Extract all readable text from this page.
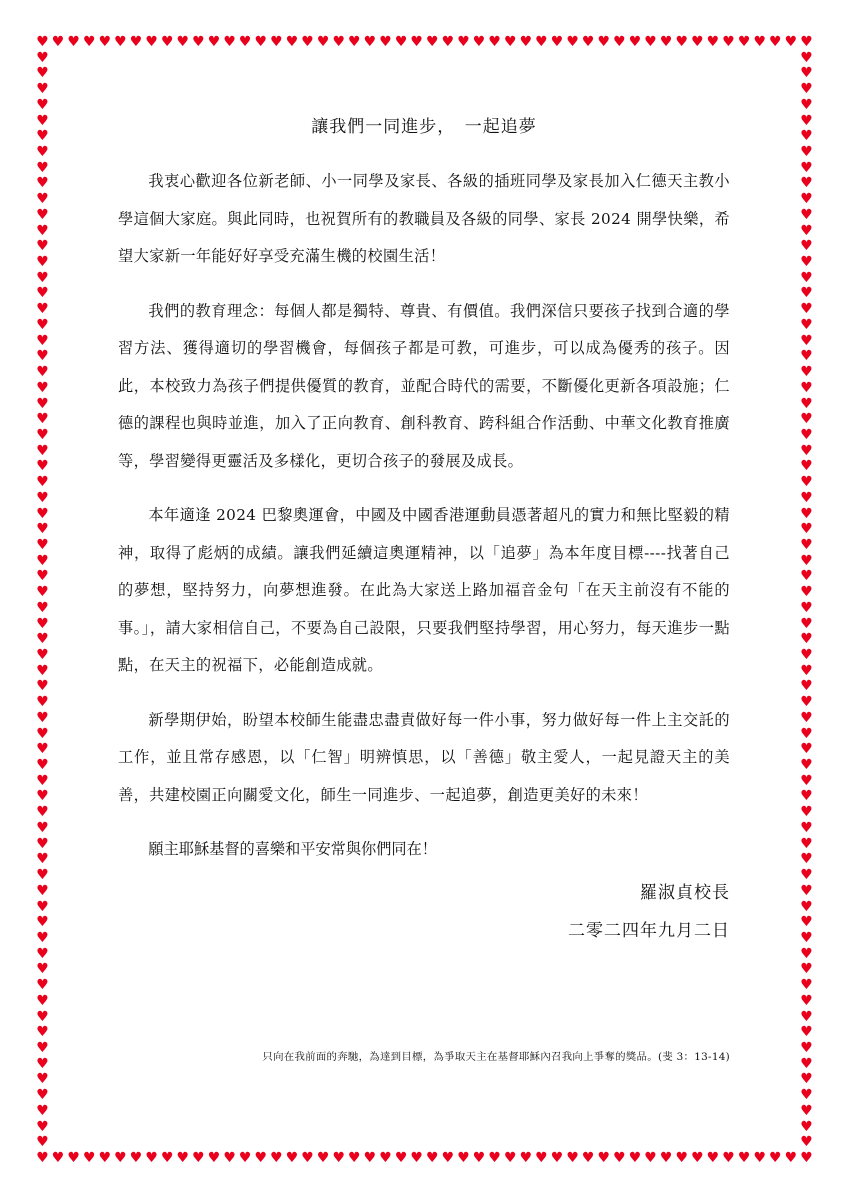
♥
♥
♥
♥
♥
♥
♥
♥
♥
♥
♥
♥
♥
♥
♥
♥
♥
♥
♥
♥
♥
♥
♥
♥
♥
♥
♥
♥
♥
♥
♥
♥
♥
♥
♥
♥
♥
♥
♥
♥
♥
♥
♥
♥
♥
♥
♥
♥
♥
♥
♥
♥
♥
♥
♥
♥
♥
♥
♥
♥
♥
♥
♥
♥
♥
♥
♥
♥
♥
♥
♥
♥
♥
♥
♥
♥
♥
♥
♥
♥
♥
♥
♥
♥
♥
♥
♥
♥
♥
♥
♥
♥
♥
♥
♥
♥
♥
♥
♥
♥
♥	♥
♥	♥
♥	♥
♥	♥
♥	♥
♥	♥
♥	♥
♥	♥
♥	♥
♥	♥
♥	♥
♥	♥
♥	♥
♥	♥
♥	♥
♥	♥
♥	♥
♥	♥
♥	♥
♥	♥
♥	♥
♥	♥
♥	♥
♥	♥
♥	♥
♥	♥
♥	♥
♥	♥
♥	♥
♥	♥
♥	♥
♥	♥
♥	♥
♥	♥
♥	♥
♥	♥
♥	♥
♥	♥
♥	♥
♥	♥
♥	♥
♥	♥
♥	♥
♥	♥
♥	♥
♥	♥
♥	♥
♥	♥
♥	♥
♥	♥
♥	♥
♥	♥
♥	♥
♥	♥
♥	♥
♥	♥
♥	♥
♥	♥
♥	♥
♥	♥
♥	♥
♥	♥
♥	♥
♥	♥
♥	♥
♥	♥
♥	♥
♥	♥
♥	♥
♥	♥

讓我們一同進步，　一起追夢

我衷心歡迎各位新老師、小一同學及家長、各級的插班同學及家長加入仁德天主教小學這個大家庭。與此同時，也祝賀所有的教職員及各級的同學、家長 2024 開學快樂，希望大家新一年能好好享受充滿生機的校園生活！

我們的教育理念：每個人都是獨特、尊貴、有價值。我們深信只要孩子找到合適的學習方法、獲得適切的學習機會，每個孩子都是可教，可進步，可以成為優秀的孩子。因此，本校致力為孩子們提供優質的教育，並配合時代的需要，不斷優化更新各項設施；仁德的課程也與時並進，加入了正向教育、創科教育、跨科組合作活動、中華文化教育推廣等，學習變得更靈活及多樣化，更切合孩子的發展及成長。

本年適逢 2024 巴黎奧運會，中國及中國香港運動員憑著超凡的實力和無比堅毅的精神，取得了彪炳的成績。讓我們延續這奧運精神，以「追夢」為本年度目標----找著自己的夢想，堅持努力，向夢想進發。在此為大家送上路加福音金句「在天主前沒有不能的事。」，請大家相信自己，不要為自己設限，只要我們堅持學習，用心努力，每天進步一點點，在天主的祝福下，必能創造成就。

新學期伊始，盼望本校師生能盡忠盡責做好每一件小事，努力做好每一件上主交託的工作，並且常存感恩，以「仁智」明辨慎思，以「善德」敬主愛人，一起見證天主的美善，共建校園正向關愛文化，師生一同進步、一起追夢，創造更美好的未來！

願主耶穌基督的喜樂和平安常與你們同在！

羅淑貞校長

二零二四年九月二日

只向在我前面的奔馳，為達到目標，為爭取天主在基督耶穌內召我向上爭奪的獎品。(斐 3：13-14)
